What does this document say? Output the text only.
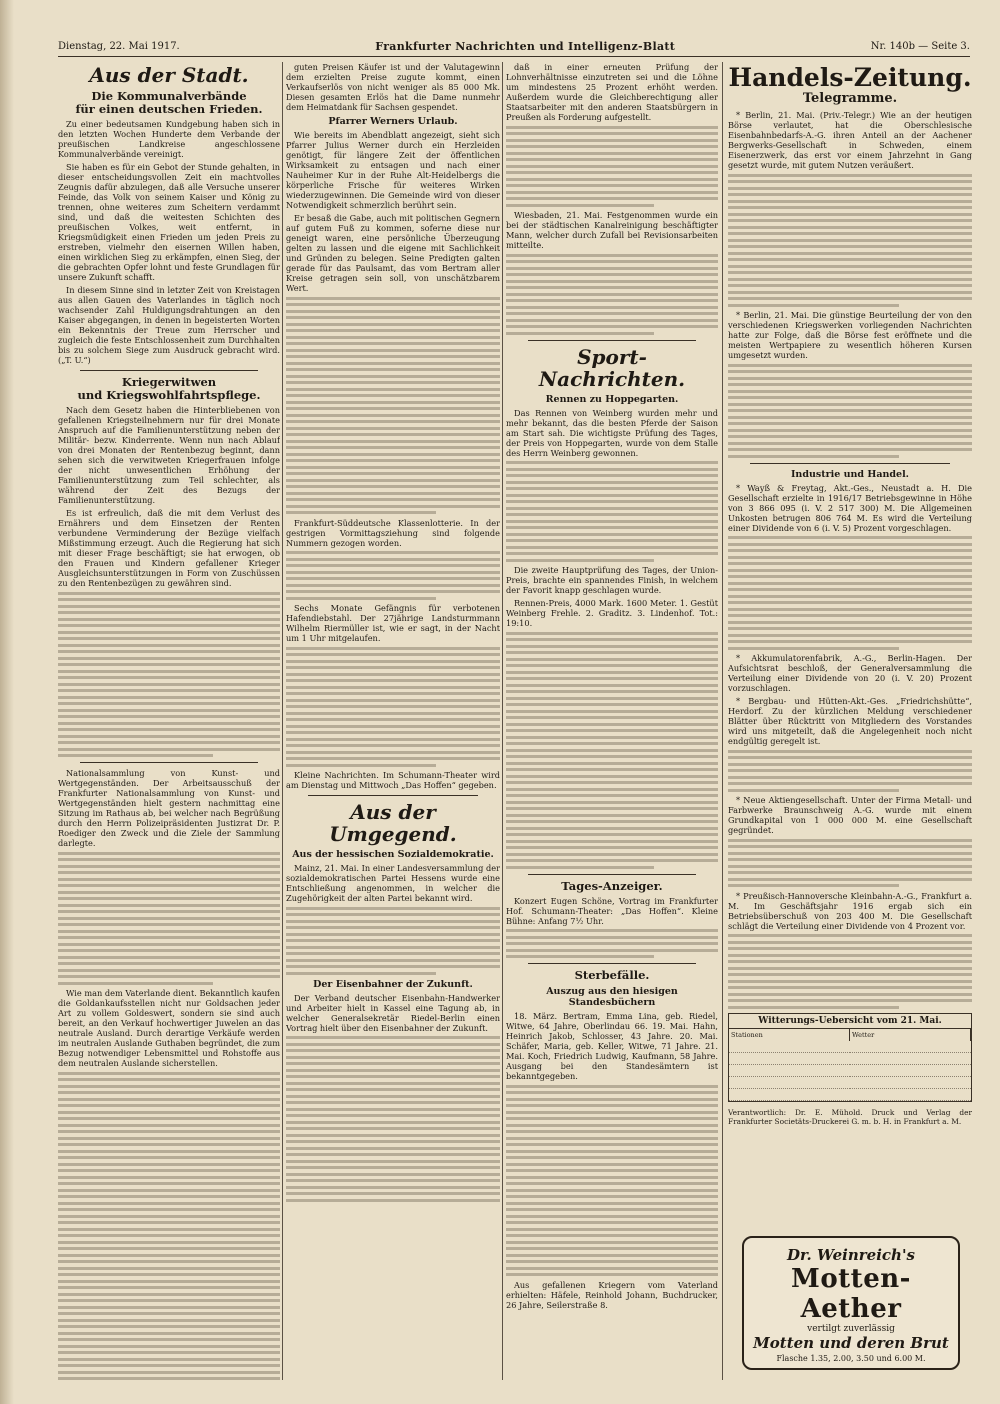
Dienstag, 22. Mai 1917.	Frankfurter Nachrichten und Intelligenz-Blatt	Nr. 140b — Seite 3.
Aus der Stadt.
Die Kommunalverbände
für einen deutschen Frieden.

Zu einer bedeutsamen Kundgebung haben sich in den letzten Wochen Hunderte dem Verbande der preußischen Landkreise angeschlossene Kommunalverbände vereinigt.

Sie haben es für ein Gebot der Stunde gehalten, in dieser entscheidungsvollen Zeit ein machtvolles Zeugnis dafür abzulegen, daß alle Versuche unserer Feinde, das Volk von seinem Kaiser und König zu trennen, ohne weiteres zum Scheitern verdammt sind, und daß die weitesten Schichten des preußischen Volkes, weit entfernt, in Kriegsmüdigkeit einen Frieden um jeden Preis zu erstreben, vielmehr den eisernen Willen haben, einen wirklichen Sieg zu erkämpfen, einen Sieg, der die gebrachten Opfer lohnt und feste Grundlagen für unsere Zukunft schafft.

In diesem Sinne sind in letzter Zeit von Kreistagen aus allen Gauen des Vaterlandes in täglich noch wachsender Zahl Huldigungsdrahtungen an den Kaiser abgegangen, in denen in begeisterten Worten ein Bekenntnis der Treue zum Herrscher und zugleich die feste Entschlossenheit zum Durchhalten bis zu solchem Siege zum Ausdruck gebracht wird. („T. U.“)

Kriegerwitwen
und Kriegswohlfahrtspflege.

Nach dem Gesetz haben die Hinterbliebenen von gefallenen Kriegsteilnehmern nur für drei Monate Anspruch auf die Familienunterstützung neben der Militär- bezw. Kinderrente. Wenn nun nach Ablauf von drei Monaten der Rentenbezug beginnt, dann sehen sich die verwitweten Kriegerfrauen infolge der nicht unwesentlichen Erhöhung der Familienunterstützung zum Teil schlechter, als während der Zeit des Bezugs der Familienunterstützung.

Es ist erfreulich, daß die mit dem Verlust des Ernährers und dem Einsetzen der Renten verbundene Verminderung der Bezüge vielfach Mißstimmung erzeugt. Auch die Regierung hat sich mit dieser Frage beschäftigt; sie hat erwogen, ob den Frauen und Kindern gefallener Krieger Ausgleichsunterstützungen in Form von Zuschüssen zu den Rentenbezügen zu gewähren sind.

Nationalsammlung von Kunst- und Wertgegenständen. Der Arbeitsausschuß der Frankfurter Nationalsammlung von Kunst- und Wertgegenständen hielt gestern nachmittag eine Sitzung im Rathaus ab, bei welcher nach Begrüßung durch den Herrn Polizeipräsidenten Justizrat Dr. P. Roediger den Zweck und die Ziele der Sammlung darlegte.

Wie man dem Vaterlande dient. Bekanntlich kaufen die Goldankaufsstellen nicht nur Goldsachen jeder Art zu vollem Goldeswert, sondern sie sind auch bereit, an den Verkauf hochwertiger Juwelen an das neutrale Ausland. Durch derartige Verkäufe werden im neutralen Auslande Guthaben begründet, die zum Bezug notwendiger Lebensmittel und Rohstoffe aus dem neutralen Auslande sicherstellen.

guten Preisen Käufer ist und der Valutagewinn dem erzielten Preise zugute kommt, einen Verkaufserlös von nicht weniger als 85 000 Mk. Diesen gesamten Erlös hat die Dame nunmehr dem Heimatdank für Sachsen gespendet.

Pfarrer Werners Urlaub.

Wie bereits im Abendblatt angezeigt, sieht sich Pfarrer Julius Werner durch ein Herzleiden genötigt, für längere Zeit der öffentlichen Wirksamkeit zu entsagen und nach einer Nauheimer Kur in der Ruhe Alt-Heidelbergs die körperliche Frische für weiteres Wirken wiederzugewinnen. Die Gemeinde wird von dieser Notwendigkeit schmerzlich berührt sein.

Er besaß die Gabe, auch mit politischen Gegnern auf gutem Fuß zu kommen, soferne diese nur geneigt waren, eine persönliche Überzeugung gelten zu lassen und die eigene mit Sachlichkeit und Gründen zu belegen. Seine Predigten galten gerade für das Paulsamt, das vom Bertram aller Kreise getragen sein soll, von unschätzbarem Wert.

Frankfurt-Süddeutsche Klassenlotterie. In der gestrigen Vormittagsziehung sind folgende Nummern gezogen worden.

Sechs Monate Gefängnis für verbotenen Hafendiebstahl. Der 27jährige Landsturmmann Wilhelm Riermüller ist, wie er sagt, in der Nacht um 1 Uhr mitgelaufen.

Kleine Nachrichten. Im Schumann-Theater wird am Dienstag und Mittwoch „Das Hoffen“ gegeben.

Aus der Umgegend.
Aus der hessischen Sozialdemokratie.

Mainz, 21. Mai. In einer Landesversammlung der sozialdemokratischen Partei Hessens wurde eine Entschließung angenommen, in welcher die Zugehörigkeit der alten Partei bekannt wird.

Der Eisenbahner der Zukunft.

Der Verband deutscher Eisenbahn-Handwerker und Arbeiter hielt in Kassel eine Tagung ab, in welcher Generalsekretär Riedel-Berlin einen Vortrag hielt über den Eisenbahner der Zukunft.

daß in einer erneuten Prüfung der Lohnverhältnisse einzutreten sei und die Löhne um mindestens 25 Prozent erhöht werden. Außerdem wurde die Gleichberechtigung aller Staatsarbeiter mit den anderen Staatsbürgern in Preußen als Forderung aufgestellt.

Wiesbaden, 21. Mai. Festgenommen wurde ein bei der städtischen Kanalreinigung beschäftigter Mann, welcher durch Zufall bei Revisionsarbeiten mitteilte.

Sport-Nachrichten.
Rennen zu Hoppegarten.

Das Rennen von Weinberg wurden mehr und mehr bekannt, das die besten Pferde der Saison am Start sah. Die wichtigste Prüfung des Tages, der Preis von Hoppegarten, wurde von dem Stalle des Herrn Weinberg gewonnen.

Die zweite Hauptprüfung des Tages, der Union-Preis, brachte ein spannendes Finish, in welchem der Favorit knapp geschlagen wurde.

Rennen-Preis, 4000 Mark. 1600 Meter. 1. Gestüt Weinberg Frehle. 2. Graditz. 3. Lindenhof. Tot.: 19:10.

Tages-Anzeiger.

Konzert Eugen Schöne, Vortrag im Frankfurter Hof. Schumann-Theater: „Das Hoffen“. Kleine Bühne: Anfang 7½ Uhr.

Sterbefälle.
Auszug aus den hiesigen Standesbüchern

18. März. Bertram, Emma Lina, geb. Riedel, Witwe, 64 Jahre, Oberlindau 66. 19. Mai. Hahn, Heinrich Jakob, Schlosser, 43 Jahre. 20. Mai. Schäfer, Maria, geb. Keller, Witwe, 71 Jahre. 21. Mai. Koch, Friedrich Ludwig, Kaufmann, 58 Jahre. Ausgang bei den Standesämtern ist bekanntgegeben.

Aus gefallenen Kriegern vom Vaterland erhielten: Häfele, Reinhold Johann, Buchdrucker, 26 Jahre, Seilerstraße 8.

Handels-Zeitung.
Telegramme.

* Berlin, 21. Mai. (Priv.-Telegr.) Wie an der heutigen Börse verlautet, hat die Oberschlesische Eisenbahnbedarfs-A.-G. ihren Anteil an der Aachener Bergwerks-Gesellschaft in Schweden, einem Eisenerzwerk, das erst vor einem Jahrzehnt in Gang gesetzt wurde, mit gutem Nutzen veräußert.

* Berlin, 21. Mai. Die günstige Beurteilung der von den verschiedenen Kriegswerken vorliegenden Nachrichten hatte zur Folge, daß die Börse fest eröffnete und die meisten Wertpapiere zu wesentlich höheren Kursen umgesetzt wurden.

Industrie und Handel.

* Wayß & Freytag, Akt.-Ges., Neustadt a. H. Die Gesellschaft erzielte in 1916/17 Betriebsgewinne in Höhe von 3 866 095 (i. V. 2 517 300) M. Die Allgemeinen Unkosten betrugen 806 764 M. Es wird die Verteilung einer Dividende von 6 (i. V. 5) Prozent vorgeschlagen.

* Akkumulatorenfabrik, A.-G., Berlin-Hagen. Der Aufsichtsrat beschloß, der Generalversammlung die Verteilung einer Dividende von 20 (i. V. 20) Prozent vorzuschlagen.

* Bergbau- und Hütten-Akt.-Ges. „Friedrichshütte“, Herdorf. Zu der kürzlichen Meldung verschiedener Blätter über Rücktritt von Mitgliedern des Vorstandes wird uns mitgeteilt, daß die Angelegenheit noch nicht endgültig geregelt ist.

* Neue Aktiengesellschaft. Unter der Firma Metall- und Farbwerke Braunschweig A.-G. wurde mit einem Grundkapital von 1 000 000 M. eine Gesellschaft gegründet.

* Preußisch-Hannoversche Kleinbahn-A.-G., Frankfurt a. M. Im Geschäftsjahr 1916 ergab sich ein Betriebsüberschuß von 203 400 M. Die Gesellschaft schlägt die Verteilung einer Dividende von 4 Prozent vor.

Witterungs-Uebersicht vom 21. Mai.
Stationen	Wetter
Verantwortlich: Dr. E. Mühold. Druck und Verlag der Frankfurter Societäts-Druckerei G. m. b. H. in Frankfurt a. M.
Dr. Weinreich's
Motten-Aether
vertilgt zuverlässig
Motten und deren Brut
Flasche 1.35, 2.00, 3.50 und 6.00 M.
